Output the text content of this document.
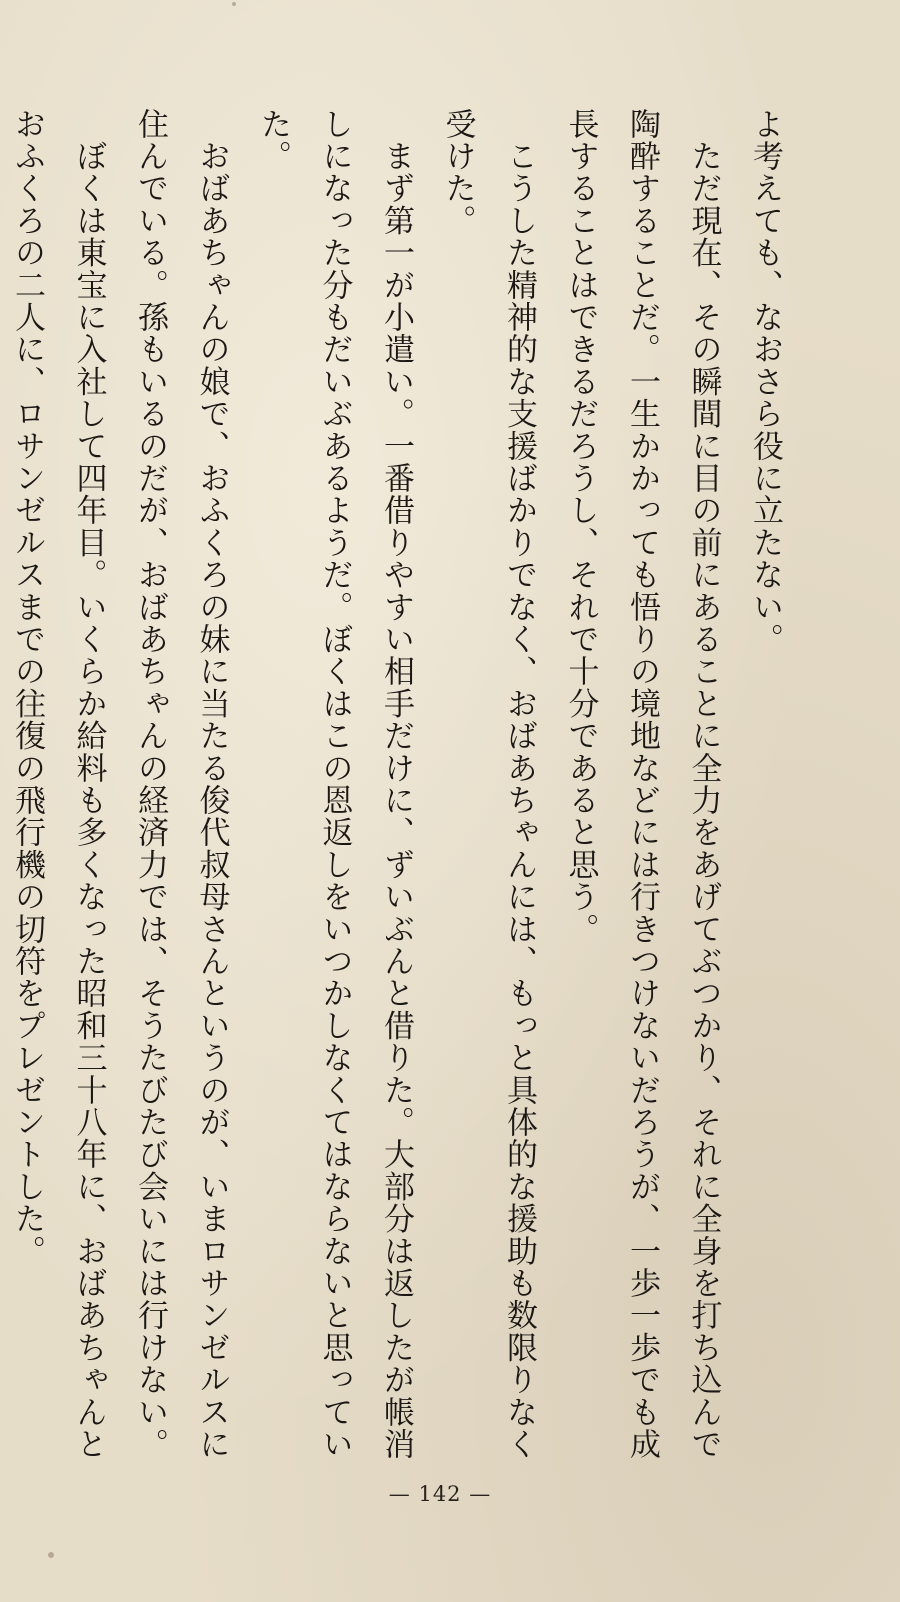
よ考えても、なおさら役に立たない。

　ただ現在、その瞬間に目の前にあることに全力をあげてぶつかり、それに全身を打ち込んで

陶酔することだ。一生かかっても悟りの境地などには行きつけないだろうが、一歩一歩でも成

長することはできるだろうし、それで十分であると思う。

　こうした精神的な支援ばかりでなく、おばあちゃんには、もっと具体的な援助も数限りなく

受けた。

　まず第一が小遣い。一番借りやすい相手だけに、ずいぶんと借りた。大部分は返したが帳消

しになった分もだいぶあるようだ。ぼくはこの恩返しをいつかしなくてはならないと思ってい

た。

　おばあちゃんの娘で、おふくろの妹に当たる俊代叔母さんというのが、いまロサンゼルスに

住んでいる。孫もいるのだが、おばあちゃんの経済力では、そうたびたび会いには行けない。

　ぼくは東宝に入社して四年目。いくらか給料も多くなった昭和三十八年に、おばあちゃんと

おふくろの二人に、ロサンゼルスまでの往復の飛行機の切符をプレゼントした。

— 142 —
